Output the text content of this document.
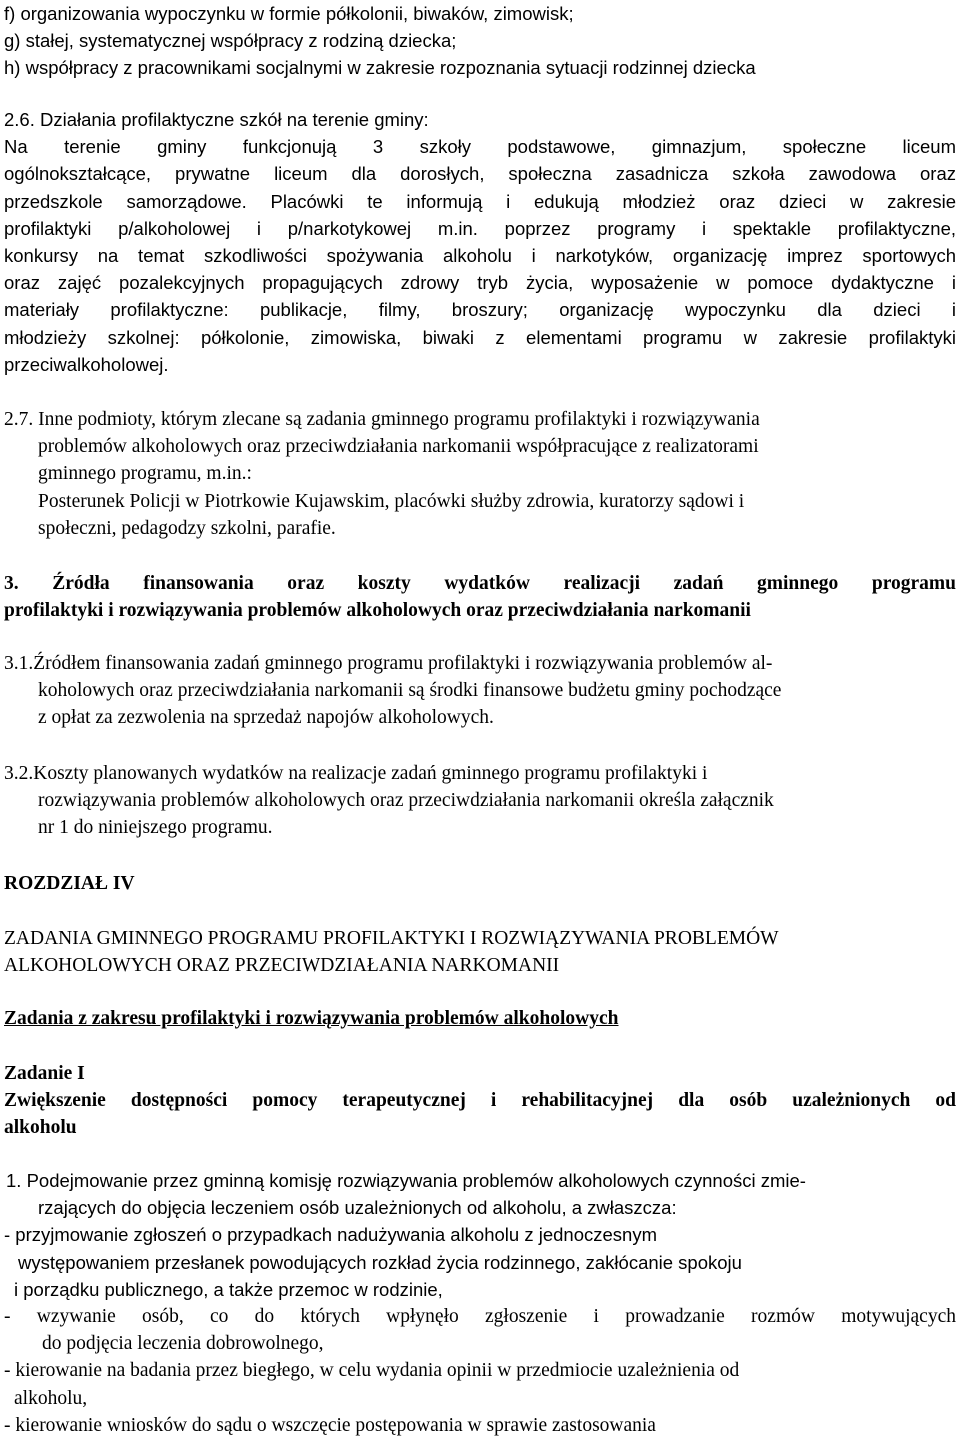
f) organizowania wypoczynku w formie półkolonii, biwaków, zimowisk;
g) stałej, systematycznej współpracy z rodziną dziecka;
h) współpracy z pracownikami socjalnymi w zakresie rozpoznania sytuacji rodzinnej dziecka
2.6. Działania profilaktyczne szkół na terenie gminy:
Na terenie gminy funkcjonują 3 szkoły podstawowe, gimnazjum, społeczne liceum
ogólnokształcące, prywatne liceum dla dorosłych, społeczna zasadnicza szkoła zawodowa oraz
przedszkole samorządowe. Placówki te informują i edukują młodzież oraz dzieci w zakresie
profilaktyki p/alkoholowej i p/narkotykowej m.in. poprzez programy i spektakle profilaktyczne,
konkursy na temat szkodliwości spożywania alkoholu i narkotyków, organizację imprez sportowych
oraz zajęć pozalekcyjnych propagujących zdrowy tryb życia, wyposażenie w pomoce dydaktyczne i
materiały profilaktyczne: publikacje, filmy, broszury; organizację wypoczynku dla dzieci i
młodzieży szkolnej: półkolonie, zimowiska, biwaki z elementami programu w zakresie profilaktyki
przeciwalkoholowej.
2.7. Inne podmioty, którym zlecane są zadania gminnego programu profilaktyki i rozwiązywania
problemów alkoholowych oraz przeciwdziałania narkomanii współpracujące z realizatorami
gminnego programu, m.in.:
Posterunek Policji w Piotrkowie Kujawskim, placówki służby zdrowia, kuratorzy sądowi i
społeczni, pedagodzy szkolni, parafie.
3. Źródła finansowania oraz koszty wydatków realizacji zadań gminnego programu
profilaktyki i rozwiązywania problemów alkoholowych oraz przeciwdziałania narkomanii
3.1.Źródłem finansowania zadań gminnego programu profilaktyki i rozwiązywania problemów al-
koholowych oraz przeciwdziałania narkomanii są środki finansowe budżetu gminy pochodzące
z opłat za zezwolenia na sprzedaż napojów alkoholowych.
3.2.Koszty planowanych wydatków na realizacje zadań gminnego programu profilaktyki i
rozwiązywania problemów alkoholowych oraz przeciwdziałania narkomanii określa załącznik
nr 1 do niniejszego programu.
ROZDZIAŁ IV
ZADANIA GMINNEGO PROGRAMU PROFILAKTYKI I ROZWIĄZYWANIA PROBLEMÓW
ALKOHOLOWYCH ORAZ PRZECIWDZIAŁANIA NARKOMANII
Zadania z zakresu profilaktyki i rozwiązywania problemów alkoholowych
Zadanie I
Zwiększenie dostępności pomocy terapeutycznej i rehabilitacyjnej dla osób uzależnionych od
alkoholu
1. Podejmowanie przez gminną komisję rozwiązywania problemów alkoholowych czynności zmie-
rzających do objęcia leczeniem osób uzależnionych od alkoholu, a zwłaszcza:
- przyjmowanie zgłoszeń o przypadkach nadużywania alkoholu z jednoczesnym
występowaniem przesłanek powodujących rozkład życia rodzinnego, zakłócanie spokoju
i porządku publicznego, a także przemoc w rodzinie,
- wzywanie osób, co do których wpłynęło zgłoszenie i prowadzanie rozmów motywujących
do podjęcia leczenia dobrowolnego,
- kierowanie na badania przez biegłego, w celu wydania opinii w przedmiocie uzależnienia od
alkoholu,
- kierowanie wniosków do sądu o wszczęcie postępowania w sprawie zastosowania
